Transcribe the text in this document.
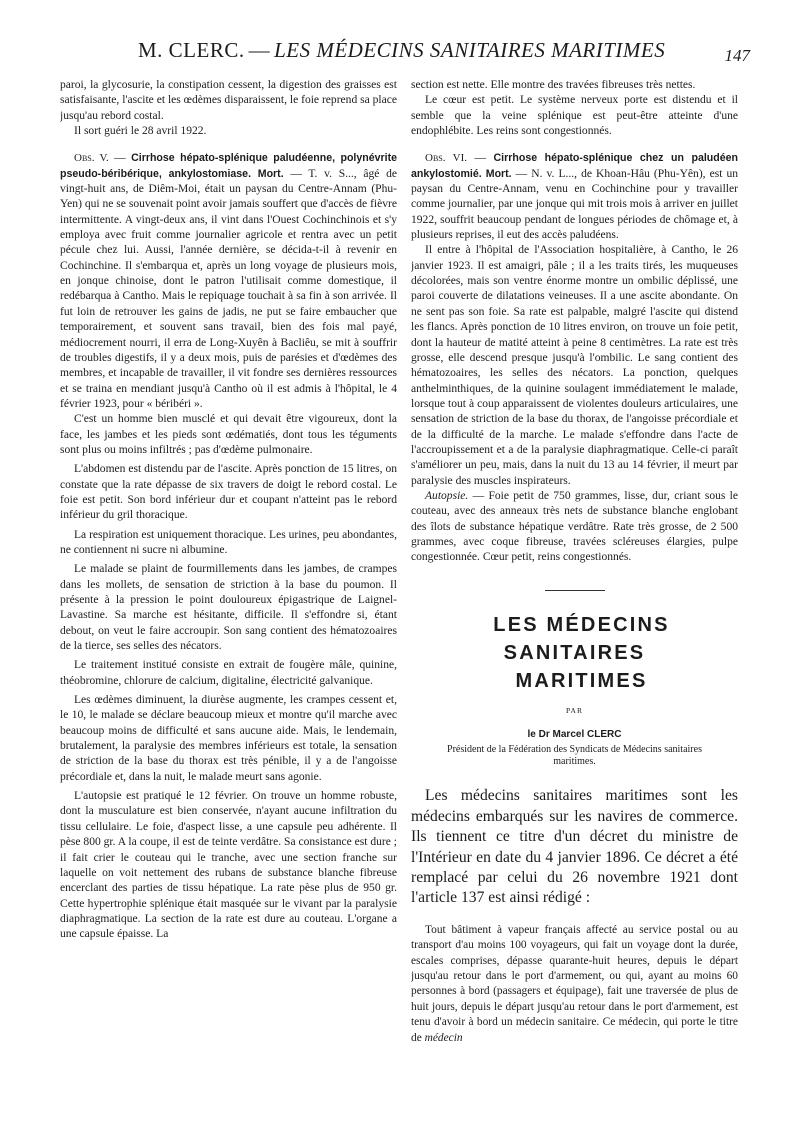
M. CLERC. — LES MÉDECINS SANITAIRES MARITIMES	147

paroi, la glycosurie, la constipation cessent, la digestion des graisses est satisfaisante, l'ascite et les œdèmes disparaissent, le foie reprend sa place jusqu'au rebord costal.

Il sort guéri le 28 avril 1922.

Obs. V. — Cirrhose hépato-splénique paludéenne, polynévrite pseudo-béribérique, ankylostomiase. Mort. — T. v. S..., âgé de vingt-huit ans, de Diêm-Moi, était un paysan du Centre-Annam (Phu-Yen) qui ne se souvenait point avoir jamais souffert que d'accès de fièvre intermittente. A vingt-deux ans, il vint dans l'Ouest Cochinchinois et s'y employa avec fruit comme journalier agricole et rentra avec un petit pécule chez lui. Aussi, l'année dernière, se décida-t-il à revenir en Cochinchine. Il s'embarqua et, après un long voyage de plusieurs mois, en jonque chinoise, dont le patron l'utilisait comme domestique, il redébarqua à Cantho. Mais le repiquage touchait à sa fin à son arrivée. Il fut loin de retrouver les gains de jadis, ne put se faire embaucher que temporairement, et souvent sans travail, bien des fois mal payé, médiocrement nourri, il erra de Long-Xuyên à Bacliêu, se mit à souffrir de troubles digestifs, il y a deux mois, puis de parésies et d'œdèmes des membres, et incapable de travailler, il vit fondre ses dernières ressources et se traina en mendiant jusqu'à Cantho où il est admis à l'hôpital, le 4 février 1923, pour « béribéri ».

C'est un homme bien musclé et qui devait être vigoureux, dont la face, les jambes et les pieds sont œdématiés, dont tous les téguments sont plus ou moins infiltrés ; pas d'œdème pulmonaire.

L'abdomen est distendu par de l'ascite. Après ponction de 15 litres, on constate que la rate dépasse de six travers de doigt le rebord costal. Le foie est petit. Son bord inférieur dur et coupant n'atteint pas le rebord inférieur du gril thoracique.

La respiration est uniquement thoracique. Les urines, peu abondantes, ne contiennent ni sucre ni albumine.

Le malade se plaint de fourmillements dans les jambes, de crampes dans les mollets, de sensation de striction à la base du poumon. Il présente à la pression le point douloureux épigastrique de Laignel-Lavastine. Sa marche est hésitante, difficile. Il s'effondre si, étant debout, on veut le faire accroupir. Son sang contient des hématozoaires de la tierce, ses selles des nécators.

Le traitement institué consiste en extrait de fougère mâle, quinine, théobromine, chlorure de calcium, digitaline, électricité galvanique.

Les œdèmes diminuent, la diurèse augmente, les crampes cessent et, le 10, le malade se déclare beaucoup mieux et montre qu'il marche avec beaucoup moins de difficulté et sans aucune aide. Mais, le lendemain, brutalement, la paralysie des membres inférieurs est totale, la sensation de striction de la base du thorax est très pénible, il y a de l'angoisse précordiale et, dans la nuit, le malade meurt sans agonie.

L'autopsie est pratiqué le 12 février. On trouve un homme robuste, dont la musculature est bien conservée, n'ayant aucune infiltration du tissu cellulaire. Le foie, d'aspect lisse, a une capsule peu adhérente. Il pèse 800 gr. A la coupe, il est de teinte verdâtre. Sa consistance est dure ; il fait crier le couteau qui le tranche, avec une section franche sur laquelle on voit nettement des rubans de substance blanche fibreuse encerclant des parties de tissu hépatique. La rate pèse plus de 950 gr. Cette hypertrophie splénique était masquée sur le vivant par la paralysie diaphragmatique. La section de la rate est dure au couteau. L'organe a une capsule épaisse. La

section est nette. Elle montre des travées fibreuses très nettes.

Le cœur est petit. Le système nerveux porte est distendu et il semble que la veine splénique est peut-être atteinte d'une endophlébite. Les reins sont congestionnés.

Obs. VI. — Cirrhose hépato-splénique chez un paludéen ankylostomié. Mort. — N. v. L..., de Khoan-Hâu (Phu-Yên), est un paysan du Centre-Annam, venu en Cochinchine pour y travailler comme journalier, par une jonque qui mit trois mois à arriver en juillet 1922, souffrit beaucoup pendant de longues périodes de chômage et, à plusieurs reprises, il eut des accès paludéens.

Il entre à l'hôpital de l'Association hospitalière, à Cantho, le 26 janvier 1923. Il est amaigri, pâle ; il a les traits tirés, les muqueuses décolorées, mais son ventre énorme montre un ombilic déplissé, une paroi couverte de dilatations veineuses. Il a une ascite abondante. On ne sent pas son foie. Sa rate est palpable, malgré l'ascite qui distend les flancs. Après ponction de 10 litres environ, on trouve un foie petit, dont la hauteur de matité atteint à peine 8 centimètres. La rate est très grosse, elle descend presque jusqu'à l'ombilic. Le sang contient des hématozoaires, les selles des nécators. La ponction, quelques anthelminthiques, de la quinine soulagent immédiatement le malade, lorsque tout à coup apparaissent de violentes douleurs articulaires, une sensation de striction de la base du thorax, de l'angoisse précordiale et de la difficulté de la marche. Le malade s'effondre dans l'acte de l'accroupissement et a de la paralysie diaphragmatique. Celle-ci paraît s'améliorer un peu, mais, dans la nuit du 13 au 14 février, il meurt par paralysie des muscles inspirateurs.

Autopsie. — Foie petit de 750 grammes, lisse, dur, criant sous le couteau, avec des anneaux très nets de substance blanche englobant des îlots de substance hépatique verdâtre. Rate très grosse, de 2 500 grammes, avec coque fibreuse, travées scléreuses élargies, pulpe congestionnée. Cœur petit, reins congestionnés.

LES MÉDECINS SANITAIRES

MARITIMES

PAR
le Dr Marcel CLERC
Président de la Fédération des Syndicats de Médecins sanitaires maritimes.

Les médecins sanitaires maritimes sont les médecins embarqués sur les navires de commerce. Ils tiennent ce titre d'un décret du ministre de l'Intérieur en date du 4 janvier 1896. Ce décret a été remplacé par celui du 26 novembre 1921 dont l'article 137 est ainsi rédigé :

Tout bâtiment à vapeur français affecté au service postal ou au transport d'au moins 100 voyageurs, qui fait un voyage dont la durée, escales comprises, dépasse quarante-huit heures, depuis le départ jusqu'au retour dans le port d'armement, ou qui, ayant au moins 60 personnes à bord (passagers et équipage), fait une traversée de plus de huit jours, depuis le départ jusqu'au retour dans le port d'armement, est tenu d'avoir à bord un médecin sanitaire. Ce médecin, qui porte le titre de médecin
